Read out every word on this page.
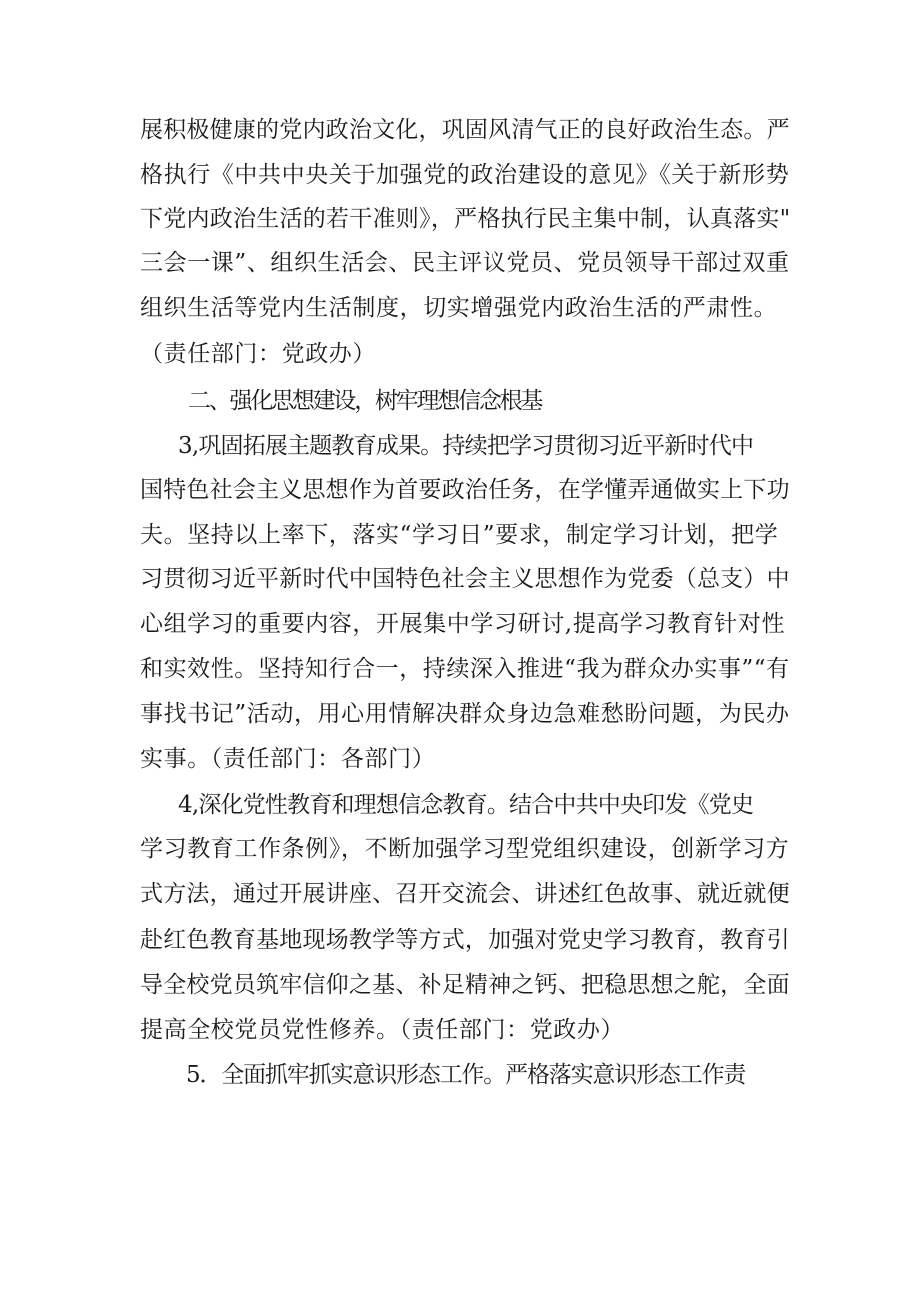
展积极健康的党内政治文化，巩固风清气正的良好政治生态。严
格执行《中共中央关于加强党的政治建设的意见》《关于新形势
下党内政治生活的若干准则》，严格执行民主集中制，认真落实"
三会一课”、组织生活会、民主评议党员、党员领导干部过双重
组织生活等党内生活制度，切实增强党内政治生活的严肃性。
（责任部门：党政办）
二、强化思想建设，树牢理想信念根基
3,巩固拓展主题教育成果。持续把学习贯彻习近平新时代中
国特色社会主义思想作为首要政治任务，在学懂弄通做实上下功
夫。坚持以上率下，落实“学习日”要求，制定学习计划，把学
习贯彻习近平新时代中国特色社会主义思想作为党委（总支）中
心组学习的重要内容，开展集中学习研讨,提高学习教育针对性
和实效性。坚持知行合一，持续深入推进“我为群众办实事”“有
事找书记”活动，用心用情解决群众身边急难愁盼问题，为民办
实事。（责任部门：各部门）
4,深化党性教育和理想信念教育。结合中共中央印发《党史
学习教育工作条例》，不断加强学习型党组织建设，创新学习方
式方法，通过开展讲座、召开交流会、讲述红色故事、就近就便
赴红色教育基地现场教学等方式，加强对党史学习教育，教育引
导全校党员筑牢信仰之基、补足精神之钙、把稳思想之舵，全面
提高全校党员党性修养。（责任部门：党政办）
5．全面抓牢抓实意识形态工作。严格落实意识形态工作责
